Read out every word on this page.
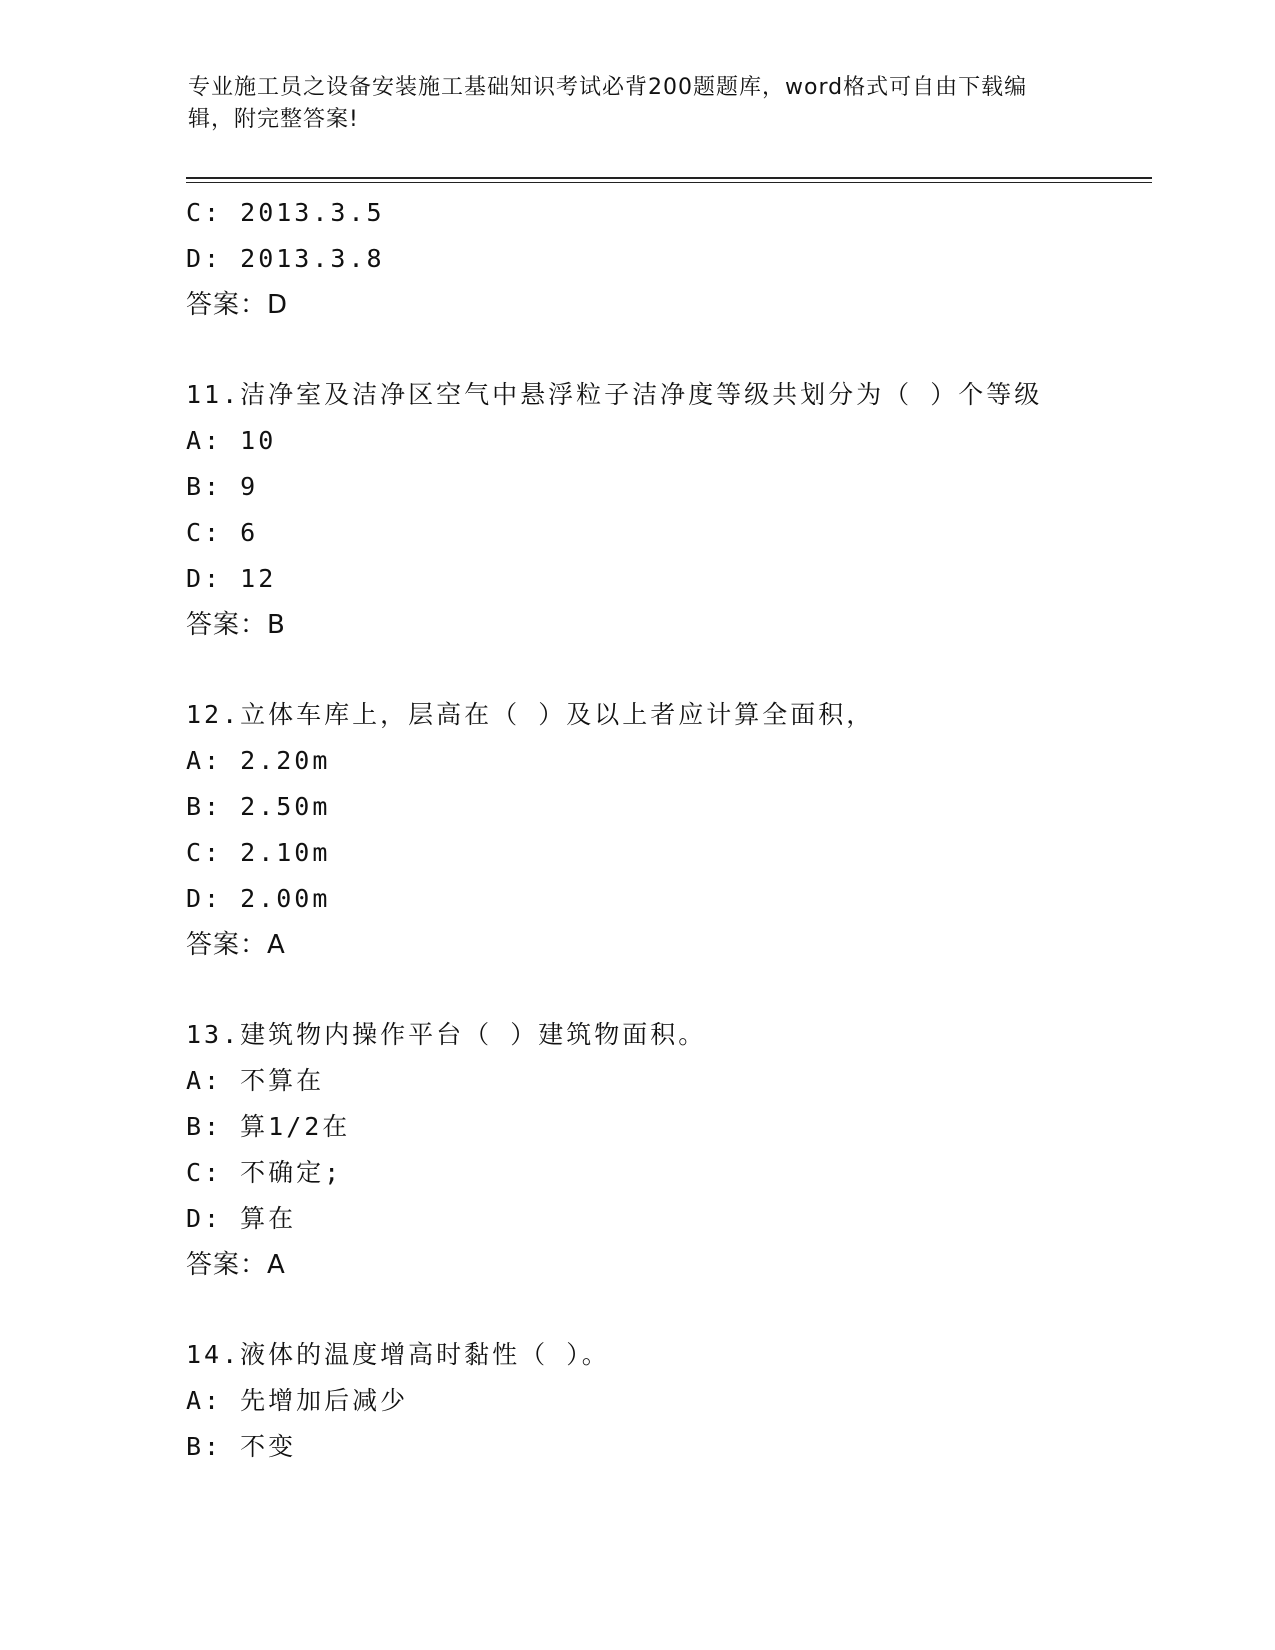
专业施工员之设备安装施工基础知识考试必背200题题库，word格式可自由下载编辑，附完整答案!
C: 2013.3.5
D: 2013.3.8
答案：D
11.洁净室及洁净区空气中悬浮粒子洁净度等级共划分为（ ）个等级
A: 10
B: 9
C: 6
D: 12
答案：B
12.立体车库上，层高在（ ）及以上者应计算全面积，
A: 2.20m
B: 2.50m
C: 2.10m
D: 2.00m
答案：A
13.建筑物内操作平台（ ）建筑物面积。
A: 不算在
B: 算1/2在
C: 不确定;
D: 算在
答案：A
14.液体的温度增高时黏性（ ）。
A: 先增加后减少
B: 不变
